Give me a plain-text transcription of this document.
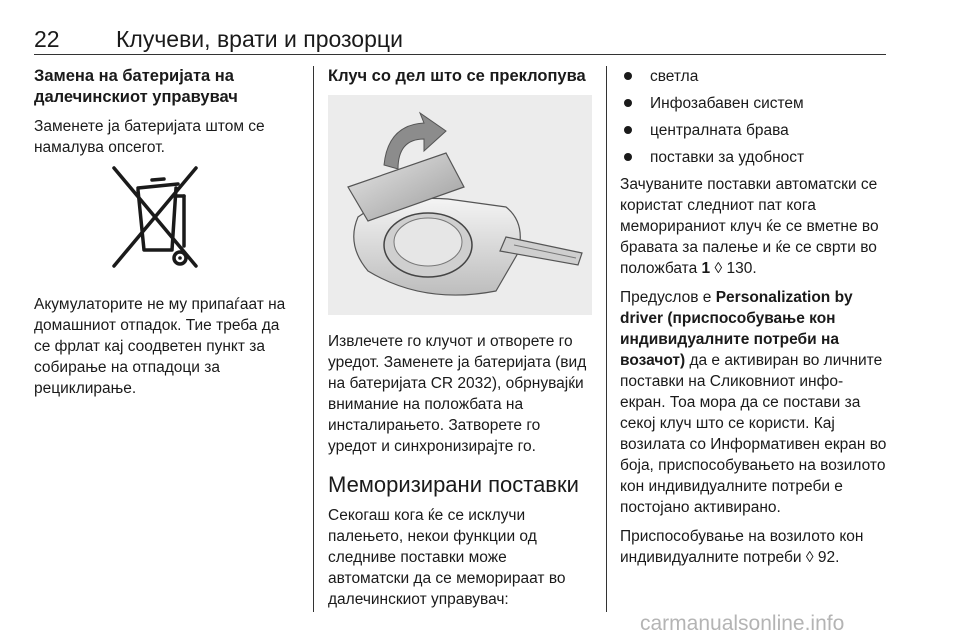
22 Клучеви, врати и прозорци
Замена на батеријата на далечинскиот управувач

Заменете ја батеријата штом се намалува опсегот.

Акумулаторите не му припаѓаат на домашниот отпадок. Тие треба да се фрлат кај соодветен пункт за собирање на отпадоци за рециклирање.

Клуч со дел што се преклопува

Извлечете го клучот и отворете го уредот. Заменете ја батеријата (вид на батеријата CR 2032), обрнувајќи внимание на положбата на инсталирањето. Затворете го уредот и синхронизирајте го.

Меморизирани поставки

Секогаш кога ќе се исклучи палењето, некои функции од следниве поставки може автоматски да се меморираат во далечинскиот управувач:

светла
Инфозабавен систем
централната брава
поставки за удобност

Зачуваните поставки автоматски се користат следниот пат кога меморираниот клуч ќе се вметне во бравата за палење и ќе се сврти во положбата 1 ◊ 130.

Предуслов е Personalization by driver (приспособување кон индивидуалните потреби на возачот) да е активиран во личните поставки на Сликовниот инфо-екран. Тоа мора да се постави за секој клуч што се користи. Кај возилата со Информативен екран во боја, приспособувањето на возилото кон индивидуалните потреби е постојано активирано.

Приспособување на возилото кон индивидуалните потреби ◊ 92.

carmanualsonline.info
